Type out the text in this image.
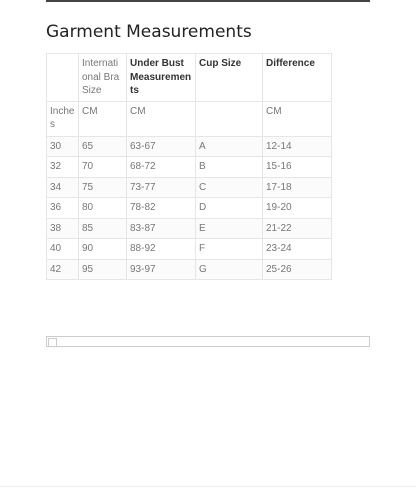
Garment Measurements
	International Bra Size	Under Bust Measurements	Cup Size	Difference
Inches	CM	CM		CM
30	65	63-67	A	12-14
32	70	68-72	B	15-16
34	75	73-77	C	17-18
36	80	78-82	D	19-20
38	85	83-87	E	21-22
40	90	88-92	F	23-24
42	95	93-97	G	25-26
